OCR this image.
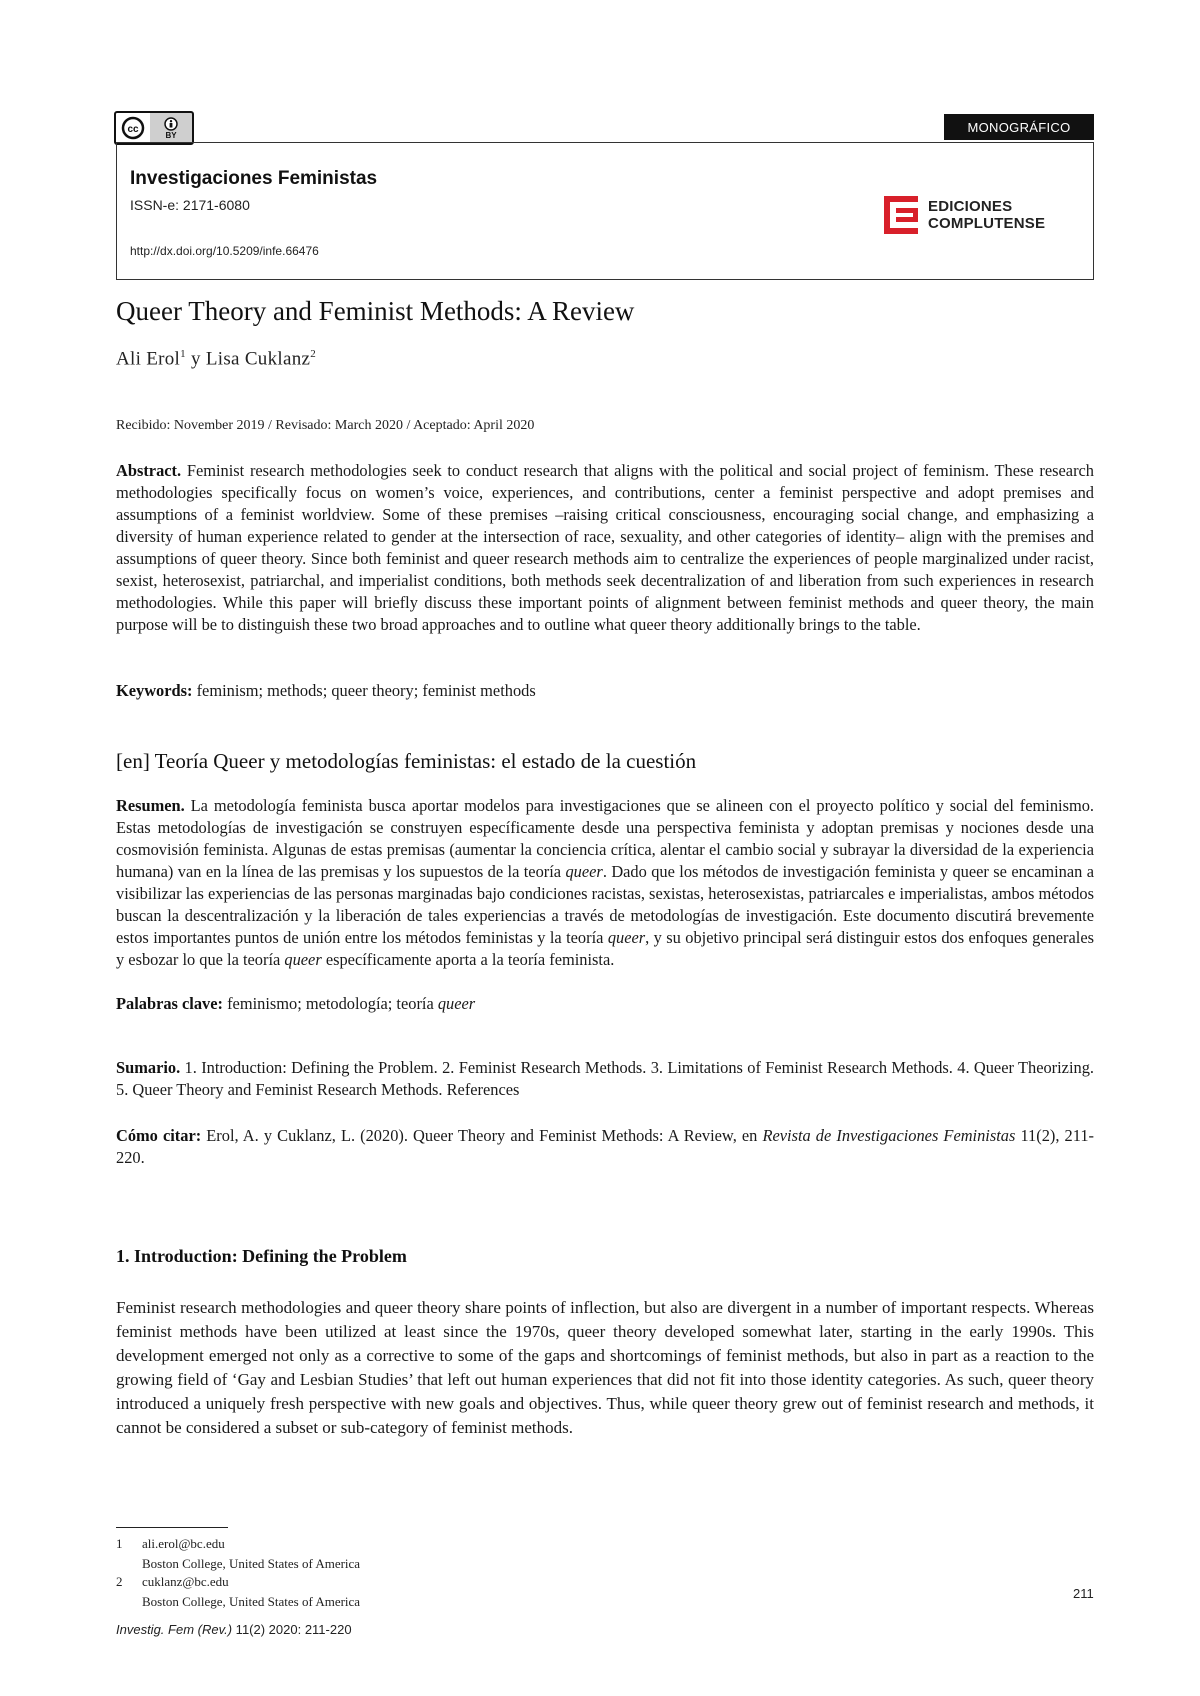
cc	BY
MONOGRÁFICO
Investigaciones Feministas
ISSN-e: 2171-6080
http://dx.doi.org/10.5209/infe.66476
EDICIONES
COMPLUTENSE
Queer Theory and Feminist Methods: A Review
Ali Erol$^1$ y Lisa Cuklanz$^2$
Recibido: November 2019 / Revisado: March 2020 / Aceptado: April 2020
Abstract. Feminist research methodologies seek to conduct research that aligns with the political and social project of feminism. These research methodologies specifically focus on women’s voice, experiences, and contributions, center a feminist perspective and adopt premises and assumptions of a feminist worldview. Some of these premises –raising critical consciousness, encouraging social change, and emphasizing a diversity of human experience related to gender at the intersection of race, sexuality, and other categories of identity– align with the premises and assumptions of queer theory. Since both feminist and queer research methods aim to centralize the experiences of people marginalized under racist, sexist, heterosexist, patriarchal, and imperialist conditions, both methods seek decentralization of and liberation from such experiences in research methodologies. While this paper will briefly discuss these important points of alignment between feminist methods and queer theory, the main purpose will be to distinguish these two broad approaches and to outline what queer theory additionally brings to the table.
Keywords: feminism; methods; queer theory; feminist methods
[en] Teoría Queer y metodologías feministas: el estado de la cuestión
Resumen. La metodología feminista busca aportar modelos para investigaciones que se alineen con el proyecto político y social del feminismo. Estas metodologías de investigación se construyen específicamente desde una perspectiva feminista y adoptan premisas y nociones desde una cosmovisión feminista. Algunas de estas premisas (aumentar la conciencia crítica, alentar el cambio social y subrayar la diversidad de la experiencia humana) van en la línea de las premisas y los supuestos de la teoría queer. Dado que los métodos de investigación feminista y queer se encaminan a visibilizar las experiencias de las personas marginadas bajo condiciones racistas, sexistas, heterosexistas, patriarcales e imperialistas, ambos métodos buscan la descentralización y la liberación de tales experiencias a través de metodologías de investigación. Este documento discutirá brevemente estos importantes puntos de unión entre los métodos feministas y la teoría queer, y su objetivo principal será distinguir estos dos enfoques generales y esbozar lo que la teoría queer específicamente aporta a la teoría feminista.
Palabras clave: feminismo; metodología; teoría queer
Sumario. 1. Introduction: Defining the Problem. 2. Feminist Research Methods. 3. Limitations of Feminist Research Methods. 4. Queer Theorizing. 5. Queer Theory and Feminist Research Methods. References
Cómo citar: Erol, A. y Cuklanz, L. (2020). Queer Theory and Feminist Methods: A Review, en Revista de Investigaciones Feministas 11(2), 211-220.
1. Introduction: Defining the Problem
Feminist research methodologies and queer theory share points of inflection, but also are divergent in a number of important respects. Whereas feminist methods have been utilized at least since the 1970s, queer theory developed somewhat later, starting in the early 1990s. This development emerged not only as a corrective to some of the gaps and shortcomings of feminist methods, but also in part as a reaction to the growing field of ‘Gay and Lesbian Studies’ that left out human experiences that did not fit into those identity categories. As such, queer theory introduced a uniquely fresh perspective with new goals and objectives. Thus, while queer theory grew out of feminist research and methods, it cannot be considered a subset or sub-category of feminist methods.
1 ali.erol@bc.edu
Boston College, United States of America
2 cuklanz@bc.edu
Boston College, United States of America
211
Investig. Fem (Rev.) 11(2) 2020: 211-220
